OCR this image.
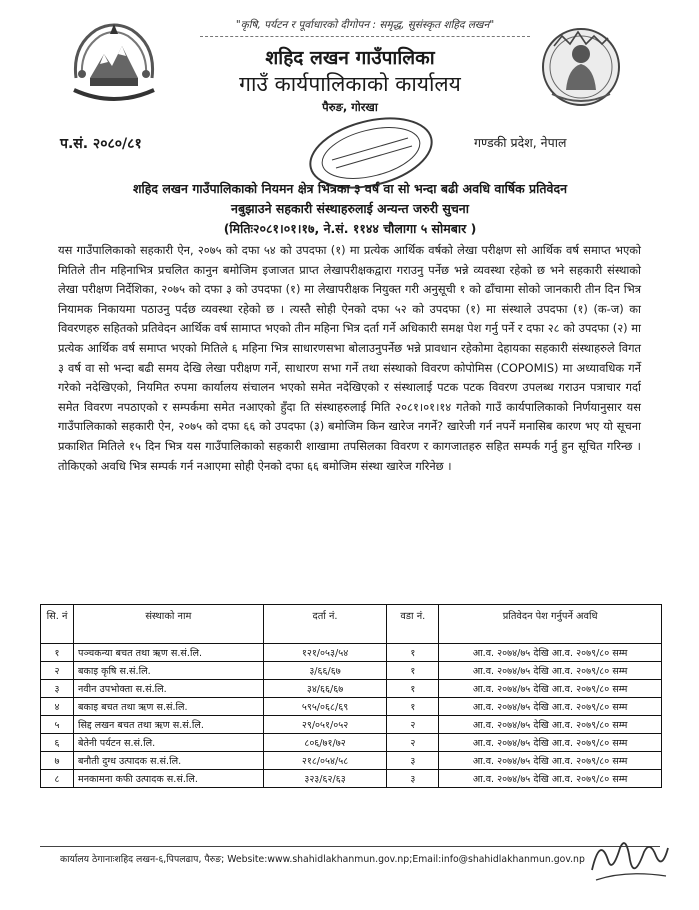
"कृषि, पर्यटन र पूर्वाधारको दीगोपन : समृद्ध, सुसंस्कृत शहिद लखन"
शहिद लखन गाउँपालिका
गाउँ कार्यपालिकाको कार्यालय
पैरुङ, गोरखा
प.सं. २०८०/८१	गण्डकी प्रदेश, नेपाल
शहिद लखन गाउँपालिकाको नियमन क्षेत्र भित्रका ३ वर्ष वा सो भन्दा बढी अवधि वार्षिक प्रतिवेदन
नबुझाउने सहकारी संस्थाहरुलाई अन्यन्त जरुरी सुचना
(मितिः२०८१।०१।१७, ने.सं. ११४४ चौलागा ५ सोमबार )
यस गाउँपालिकाको सहकारी ऐन, २०७५ को दफा ५४ को उपदफा (१) मा प्रत्येक आर्थिक वर्षको लेखा परीक्षण सो आर्थिक वर्ष समाप्त भएको मितिले तीन महिनाभित्र प्रचलित कानुन बमोजिम इजाजत प्राप्त लेखापरीक्षकद्वारा गराउनु पर्नेछ भन्ने व्यवस्था रहेको छ भने सहकारी संस्थाको लेखा परीक्षण निर्देशिका, २०७५ को दफा ३ को उपदफा (१) मा लेखापरीक्षक नियुक्त गरी अनुसूची १ को ढाँचामा सोको जानकारी तीन दिन भित्र नियामक निकायमा पठाउनु पर्दछ व्यवस्था रहेको छ । त्यस्तै सोही ऐनको दफा ५२ को उपदफा (१) मा संस्थाले उपदफा (१) (क-ज) का विवरणहरु सहितको प्रतिवेदन आर्थिक वर्ष सामाप्त भएको तीन महिना भित्र दर्ता गर्ने अधिकारी समक्ष पेश गर्नु पर्ने र दफा २८ को उपदफा (२) मा प्रत्येक आर्थिक वर्ष समाप्त भएको मितिले ६ महिना भित्र साधारणसभा बोलाउनुपर्नेछ भन्ने प्रावधान रहेकोमा देहायका सहकारी संस्थाहरुले विगत ३ वर्ष वा सो भन्दा बढी समय देखि लेखा परीक्षण गर्ने, साधारण सभा गर्ने तथा संस्थाको विवरण कोपोमिस (COPOMIS) मा अध्यावधिक गर्ने गरेको नदेखिएको, नियमित रुपमा कार्यालय संचालन भएको समेत नदेखिएको र संस्थालाई पटक पटक विवरण उपलब्ध गराउन पत्राचार गर्दा समेत विवरण नपठाएको र सम्पर्कमा समेत नआएको हुँदा ति संस्थाहरुलाई मिति २०८१।०१।१४ गतेको गाउँ कार्यपालिकाको निर्णयानुसार यस गाउँपालिकाको सहकारी ऐन, २०७५ को दफा ६६ को उपदफा (३) बमोजिम किन खारेज नगर्ने? खारेजी गर्न नपर्ने मनासिब कारण भए यो सूचना प्रकाशित मितिले १५ दिन भित्र यस गाउँपालिकाको सहकारी शाखामा तपसिलका विवरण र कागजातहरु सहित सम्पर्क गर्नु हुन सूचित गरिन्छ । तोकिएको अवधि भित्र सम्पर्क गर्न नआएमा सोही ऐनको दफा ६६ बमोजिम संस्था खारेज गरिनेछ ।
सि. नं	संस्थाको नाम	दर्ता नं.	वडा नं.	प्रतिवेदन पेश गर्नुपर्ने अवधि
१	पञ्चकन्या बचत तथा ऋण स.सं.लि.	१२१/०५३/५४	१	आ.व. २०७४/७५ देखि आ.व. २०७९/८० सम्म
२	बकाइ कृषि स.सं.लि.	३/६६/६७	१	आ.व. २०७४/७५ देखि आ.व. २०७९/८० सम्म
३	नवीन उपभोक्ता स.सं.लि.	३४/६६/६७	१	आ.व. २०७४/७५ देखि आ.व. २०७९/८० सम्म
४	बकाइ बचत तथा ऋण स.सं.लि.	५९५/०६८/६९	१	आ.व. २०७४/७५ देखि आ.व. २०७९/८० सम्म
५	सिद्द लखन बचत तथा ऋण स.सं.लि.	२९/०५१/०५२	२	आ.व. २०७४/७५ देखि आ.व. २०७९/८० सम्म
६	बेतेनी पर्यटन स.सं.लि.	८०६/७१/७२	२	आ.व. २०७४/७५ देखि आ.व. २०७९/८० सम्म
७	बनौती दुग्ध उत्पादक स.सं.लि.	२१८/०५४/५८	३	आ.व. २०७४/७५ देखि आ.व. २०७९/८० सम्म
८	मनकामना कफी उत्पादक स.सं.लि.	३२३/६२/६३	३	आ.व. २०७४/७५ देखि आ.व. २०७९/८० सम्म
कार्यालय ठेगानाःशहिद लखन-६,पिपलढाप, पैरुङ; Website:www.shahidlakhanmun.gov.np;Email:info@shahidlakhanmun.gov.np
